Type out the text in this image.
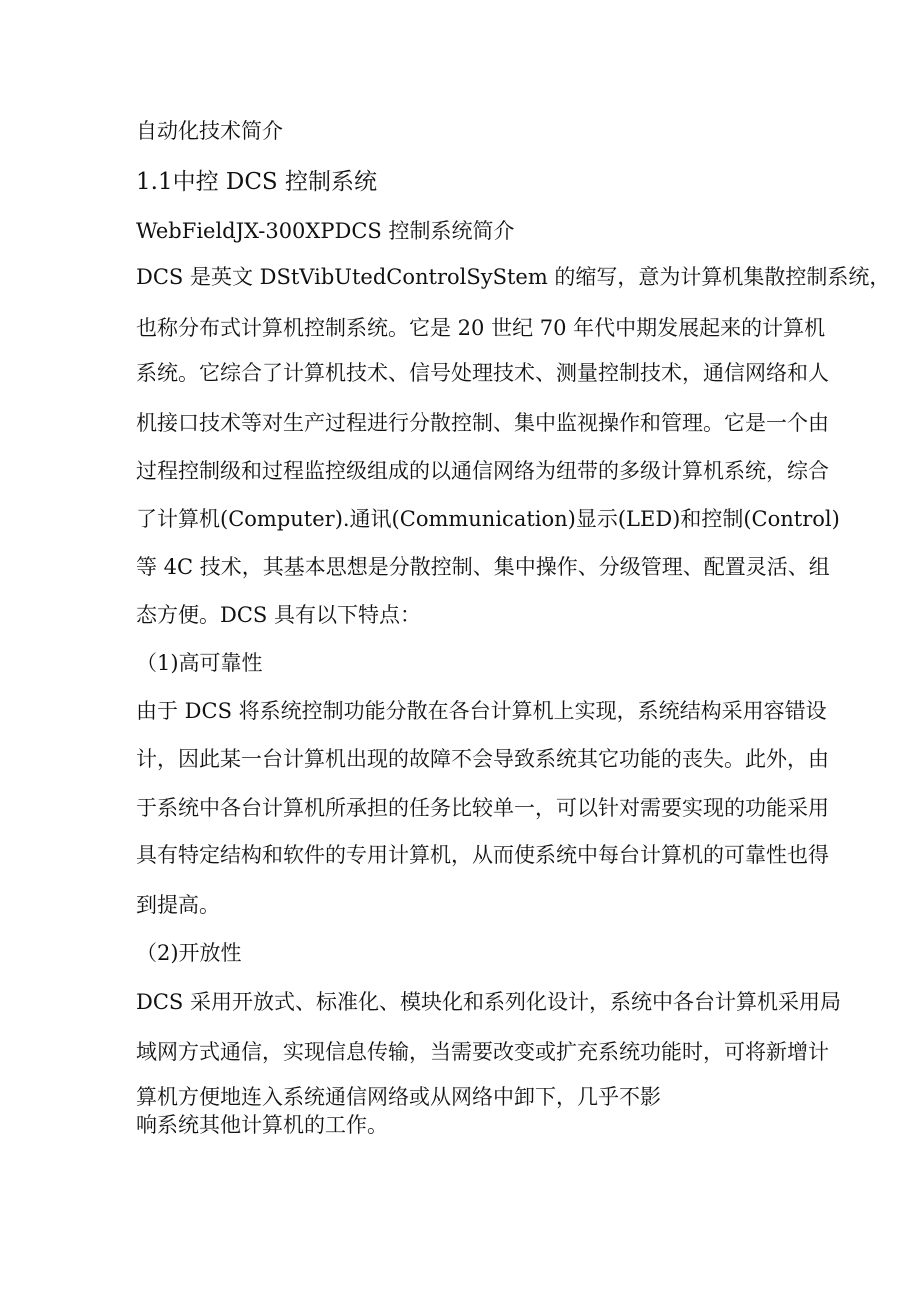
自动化技术简介
1.1中控 DCS 控制系统
WebFieldJX-300XPDCS 控制系统简介
DCS 是英文 DStVibUtedControlSyStem 的缩写，意为计算机集散控制系统，
也称分布式计算机控制系统。它是 20 世纪 70 年代中期发展起来的计算机
系统。它综合了计算机技术、信号处理技术、测量控制技术，通信网络和人
机接口技术等对生产过程进行分散控制、集中监视操作和管理。它是一个由
过程控制级和过程监控级组成的以通信网络为纽带的多级计算机系统，综合
了计算机(Computer).通讯(Communication)显示(LED)和控制(Control)
等 4C 技术，其基本思想是分散控制、集中操作、分级管理、配置灵活、组
态方便。DCS 具有以下特点：
（1)高可靠性
由于 DCS 将系统控制功能分散在各台计算机上实现，系统结构采用容错设
计，因此某一台计算机出现的故障不会导致系统其它功能的丧失。此外，由
于系统中各台计算机所承担的任务比较单一，可以针对需要实现的功能采用
具有特定结构和软件的专用计算机，从而使系统中每台计算机的可靠性也得
到提高。
（2)开放性
DCS 采用开放式、标准化、模块化和系列化设计，系统中各台计算机采用局
域网方式通信，实现信息传输，当需要改变或扩充系统功能时，可将新增计
算机方便地连入系统通信网络或从网络中卸下，几乎不影
响系统其他计算机的工作。
